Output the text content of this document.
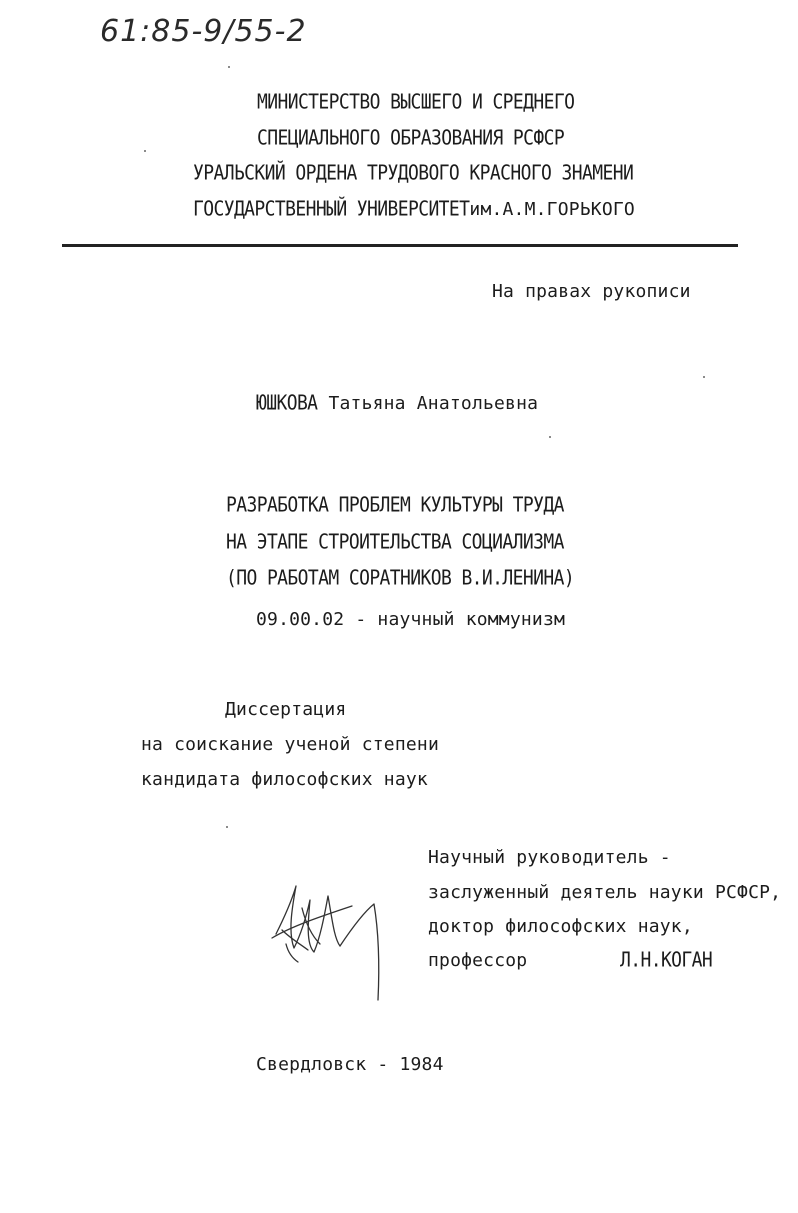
61:85-9/55-2
МИНИСТЕРСТВО ВЫСШЕГО И СРЕДНЕГО
СПЕЦИАЛЬНОГО ОБРАЗОВАНИЯ РСФСР
УРАЛЬСКИЙ ОРДЕНА ТРУДОВОГО КРАСНОГО ЗНАМЕНИ
ГОСУДАРСТВЕННЫЙ УНИВЕРСИТЕТим.А.М.ГОРЬКОГО
На правах рукописи
ЮШКОВА Татьяна Анатольевна
РАЗРАБОТКА ПРОБЛЕМ КУЛЬТУРЫ ТРУДА
НА ЭТАПЕ СТРОИТЕЛЬСТВА СОЦИАЛИЗМА
(ПО РАБОТАМ СОРАТНИКОВ В.И.ЛЕНИНА)
09.00.02 - научный коммунизм
Диссертация
на соискание ученой степени
кандидата философских наук
Научный руководитель -
заслуженный деятель науки РСФСР,
доктор философских наук,
профессор	Л.Н.КОГАН
Свердловск - 1984
